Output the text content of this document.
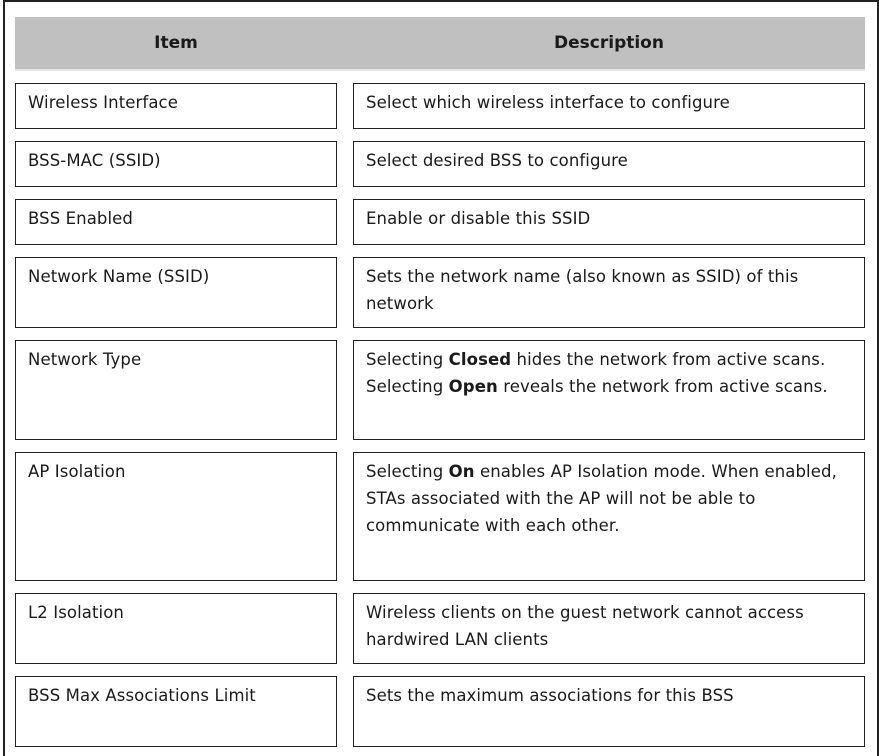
Item		Description

Wireless Interface		Select which wireless interface to configure

BSS-MAC (SSID)		Select desired BSS to configure

BSS Enabled		Enable or disable this SSID

Network Name (SSID)		Sets the network name (also known as SSID) of this network

Network Type		Selecting Closed hides the network from active scans. Selecting Open reveals the network from active scans.

AP Isolation		Selecting On enables AP Isolation mode. When enabled, STAs associated with the AP will not be able to communicate with each other.

L2 Isolation		Wireless clients on the guest network cannot access hardwired LAN clients

BSS Max Associations Limit		Sets the maximum associations for this BSS
